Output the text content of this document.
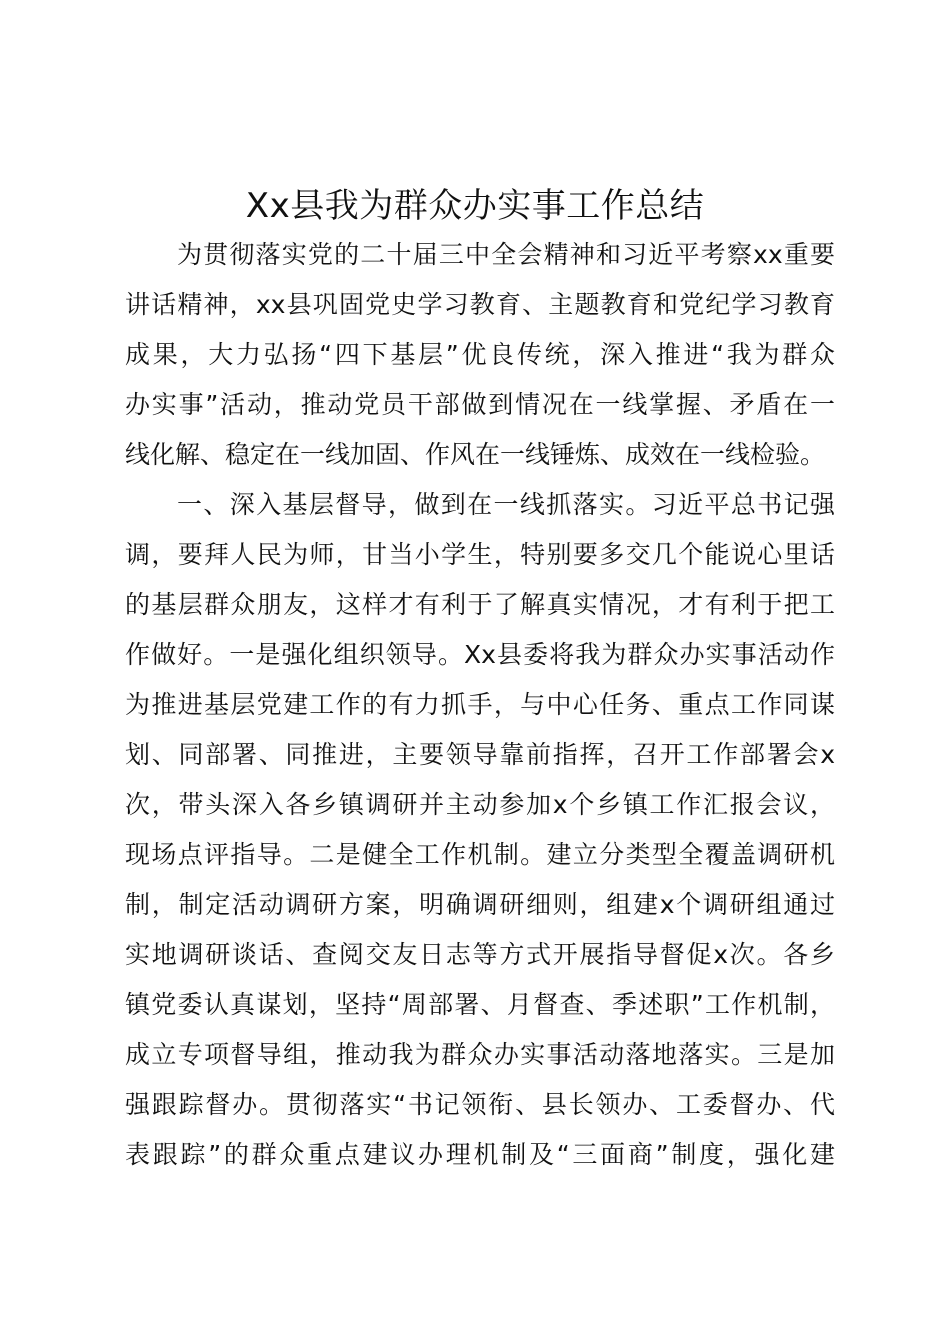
Xx县我为群众办实事工作总结
为贯彻落实党的二十届三中全会精神和习近平考察xx重要
讲话精神，xx县巩固党史学习教育、主题教育和党纪学习教育
成果，大力弘扬“四下基层”优良传统，深入推进“我为群众
办实事”活动，推动党员干部做到情况在一线掌握、矛盾在一
线化解、稳定在一线加固、作风在一线锤炼、成效在一线检验。
一、深入基层督导，做到在一线抓落实。习近平总书记强
调，要拜人民为师，甘当小学生，特别要多交几个能说心里话
的基层群众朋友，这样才有利于了解真实情况，才有利于把工
作做好。一是强化组织领导。Xx县委将我为群众办实事活动作
为推进基层党建工作的有力抓手，与中心任务、重点工作同谋
划、同部署、同推进，主要领导靠前指挥，召开工作部署会x
次，带头深入各乡镇调研并主动参加x个乡镇工作汇报会议，
现场点评指导。二是健全工作机制。建立分类型全覆盖调研机
制，制定活动调研方案，明确调研细则，组建x个调研组通过
实地调研谈话、查阅交友日志等方式开展指导督促x次。各乡
镇党委认真谋划，坚持“周部署、月督查、季述职”工作机制，
成立专项督导组，推动我为群众办实事活动落地落实。三是加
强跟踪督办。贯彻落实“书记领衔、县长领办、工委督办、代
表跟踪”的群众重点建议办理机制及“三面商”制度，强化建
